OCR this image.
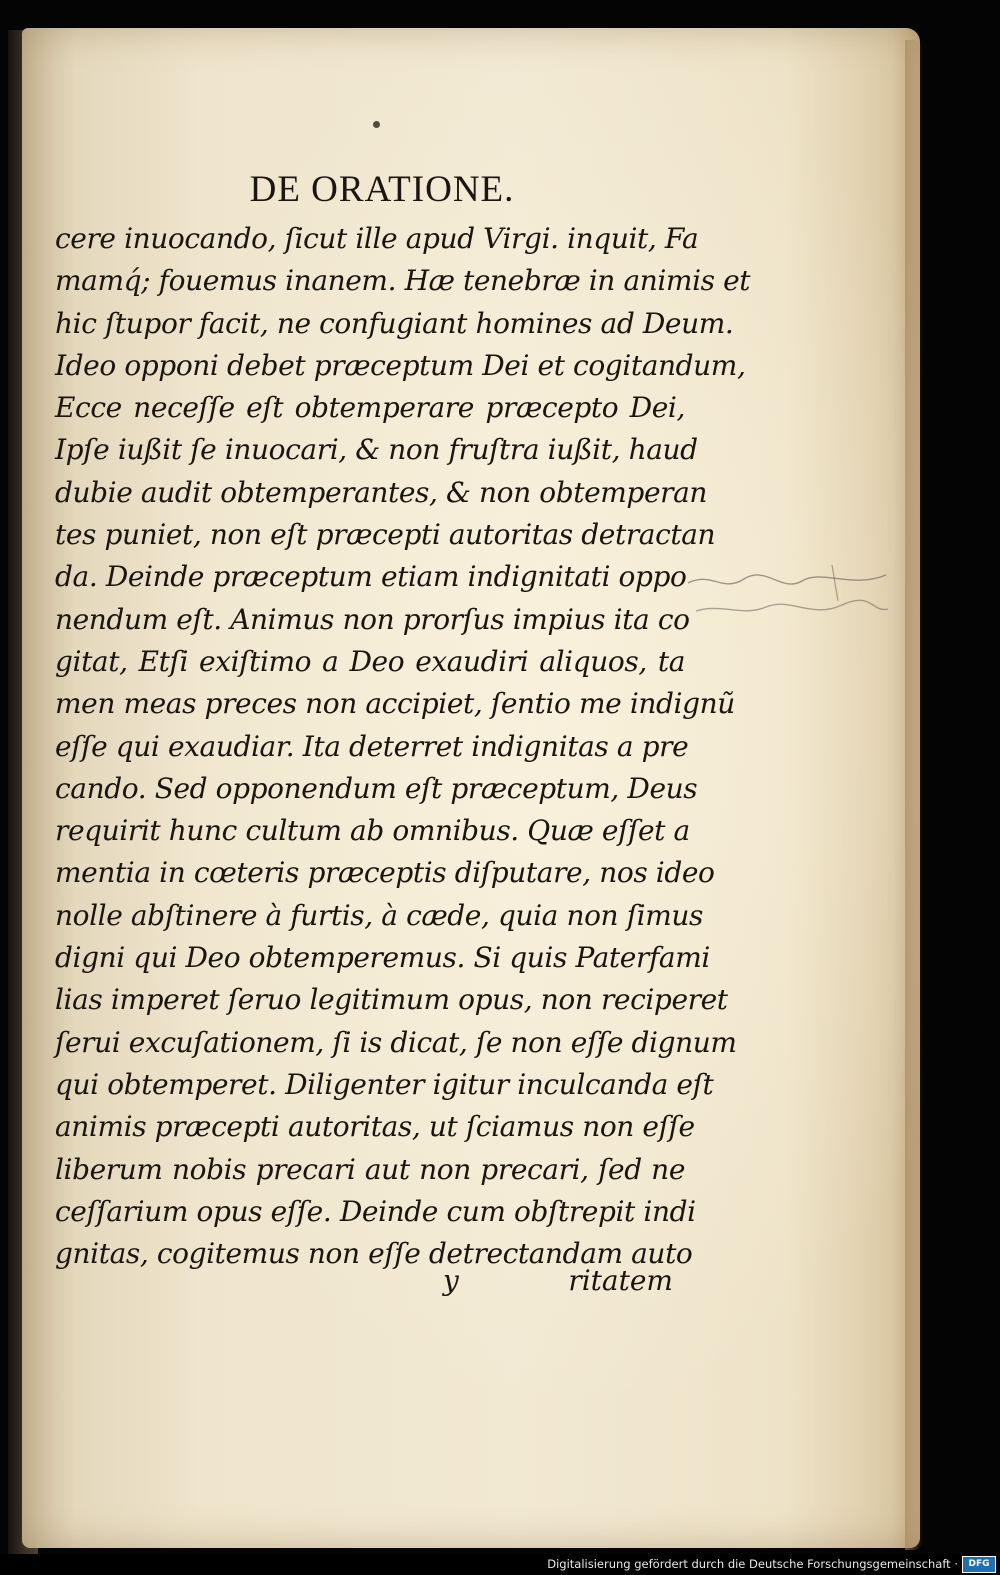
DE ORATIONE.
cere inuocando, ſicut ille apud Virgi. inquit, Fa
mamq́; fouemus inanem. Hæ tenebræ in animis et
hic ſtupor facit, ne confugiant homines ad Deum.
Ideo opponi debet præceptum Dei et cogitandum,
Ecce neceſſe eſt obtemperare præcepto Dei,
Ipſe iußit ſe inuocari, & non fruſtra iußit, haud
dubie audit obtemperantes, & non obtemperan
tes puniet, non eſt præcepti autoritas detractan
da. Deinde præceptum etiam indignitati oppo
nendum eſt. Animus non prorſus impius ita co
gitat, Etſi exiſtimo a Deo exaudiri aliquos, ta
men meas preces non accipiet, ſentio me indignũ
eſſe qui exaudiar. Ita deterret indignitas a pre
cando. Sed opponendum eſt præceptum, Deus
requirit hunc cultum ab omnibus. Quæ eſſet a
mentia in cœteris præceptis diſputare, nos ideo
nolle abſtinere à furtis, à cæde, quia non ſimus
digni qui Deo obtemperemus. Si quis Paterfami
lias imperet ſeruo legitimum opus, non reciperet
ſerui excuſationem, ſi is dicat, ſe non eſſe dignum
qui obtemperet. Diligenter igitur inculcanda eſt
animis præcepti autoritas, ut ſciamus non eſſe
liberum nobis precari aut non precari, ſed ne
ceſſarium opus eſſe. Deinde cum obſtrepit indi
gnitas, cogitemus non eſſe detrectandam auto
y	ritatem
Digitalisierung gefördert durch die Deutsche Forschungsgemeinschaft ·	DFG
